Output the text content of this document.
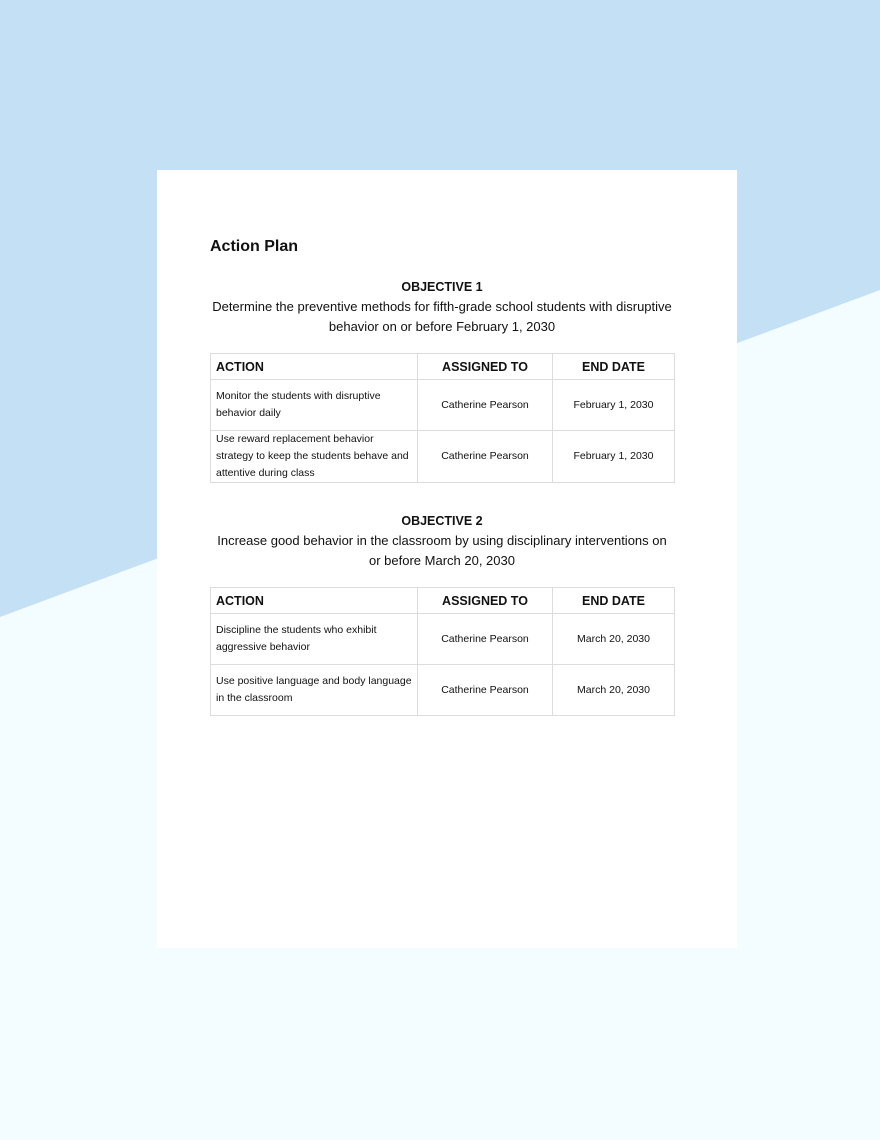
Action Plan
OBJECTIVE 1
Determine the preventive methods for fifth-grade school students with disruptive behavior on or before February 1, 2030
ACTION	ASSIGNED TO	END DATE
Monitor the students with disruptive behavior daily	Catherine Pearson	February 1, 2030
Use reward replacement behavior strategy to keep the students behave and attentive during class	Catherine Pearson	February 1, 2030
OBJECTIVE 2
Increase good behavior in the classroom by using disciplinary interventions on or before March 20, 2030
ACTION	ASSIGNED TO	END DATE
Discipline the students who exhibit aggressive behavior	Catherine Pearson	March 20, 2030
Use positive language and body language in the classroom	Catherine Pearson	March 20, 2030
